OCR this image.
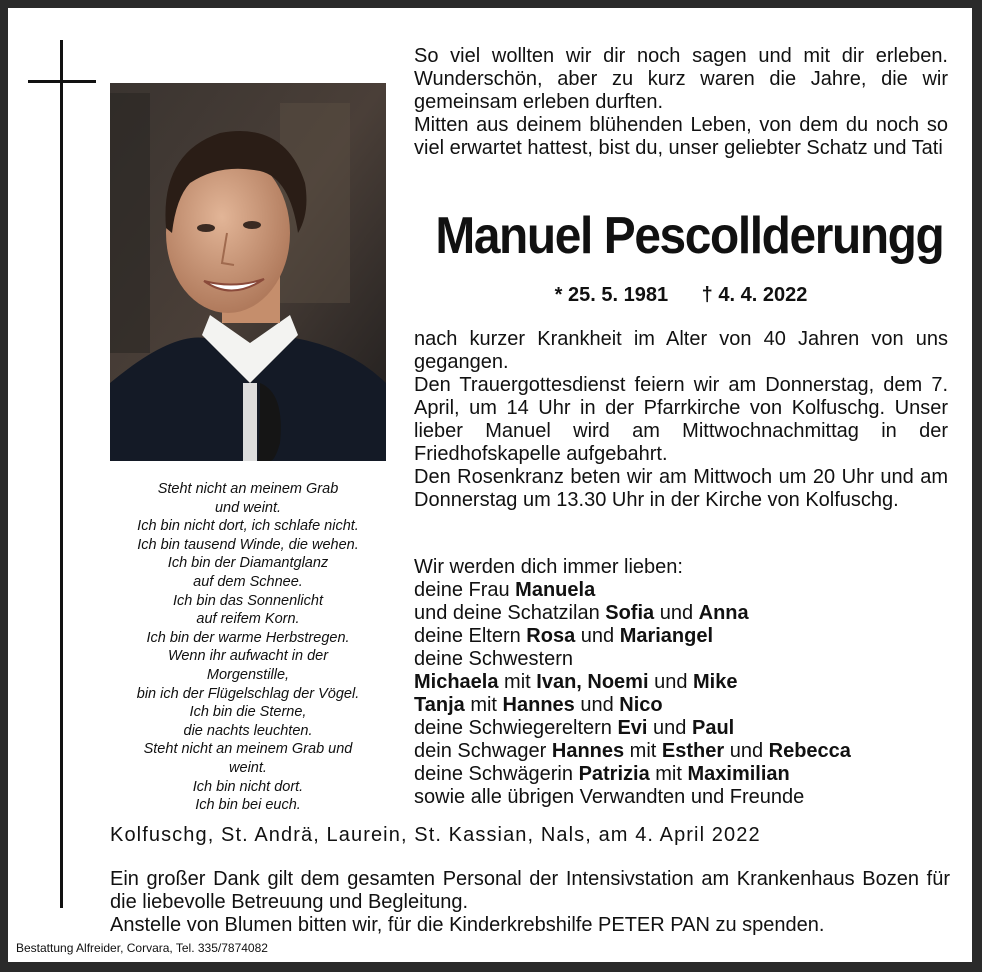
So viel wollten wir dir noch sagen und mit dir erleben. Wunderschön, aber zu kurz waren die Jahre, die wir gemeinsam erleben durften.

Mitten aus deinem blühenden Leben, von dem du noch so viel erwartet hattest, bist du, unser geliebter Schatz und Tati

Manuel Pescollderungg
* 25. 5. 1981 † 4. 4. 2022

nach kurzer Krankheit im Alter von 40 Jahren von uns gegangen.

Den Trauergottesdienst feiern wir am Donnerstag, dem 7. April, um 14 Uhr in der Pfarrkirche von Kolfuschg. Unser lieber Manuel wird am Mittwochnachmittag in der Friedhofskapelle aufgebahrt.

Den Rosenkranz beten wir am Mittwoch um 20 Uhr und am Donnerstag um 13.30 Uhr in der Kirche von Kolfuschg.

Steht nicht an meinem Grab
und weint.
Ich bin nicht dort, ich schlafe nicht.
Ich bin tausend Winde, die wehen.
Ich bin der Diamantglanz
auf dem Schnee.
Ich bin das Sonnenlicht
auf reifem Korn.
Ich bin der warme Herbstregen.
Wenn ihr aufwacht in der
Morgenstille,
bin ich der Flügelschlag der Vögel.
Ich bin die Sterne,
die nachts leuchten.
Steht nicht an meinem Grab und
weint.
Ich bin nicht dort.
Ich bin bei euch.
Wir werden dich immer lieben:
deine Frau Manuela
und deine Schatzilan Sofia und Anna
deine Eltern Rosa und Mariangel
deine Schwestern
Michaela mit Ivan, Noemi und Mike
Tanja mit Hannes und Nico
deine Schwiegereltern Evi und Paul
dein Schwager Hannes mit Esther und Rebecca
deine Schwägerin Patrizia mit Maximilian
sowie alle übrigen Verwandten und Freunde
Kolfuschg, St. Andrä, Laurein, St. Kassian, Nals, am 4. April 2022

Ein großer Dank gilt dem gesamten Personal der Intensivstation am Krankenhaus Bozen für die liebevolle Betreuung und Begleitung.

Anstelle von Blumen bitten wir, für die Kinderkrebshilfe PETER PAN zu spenden.

Bestattung Alfreider, Corvara, Tel. 335/7874082
